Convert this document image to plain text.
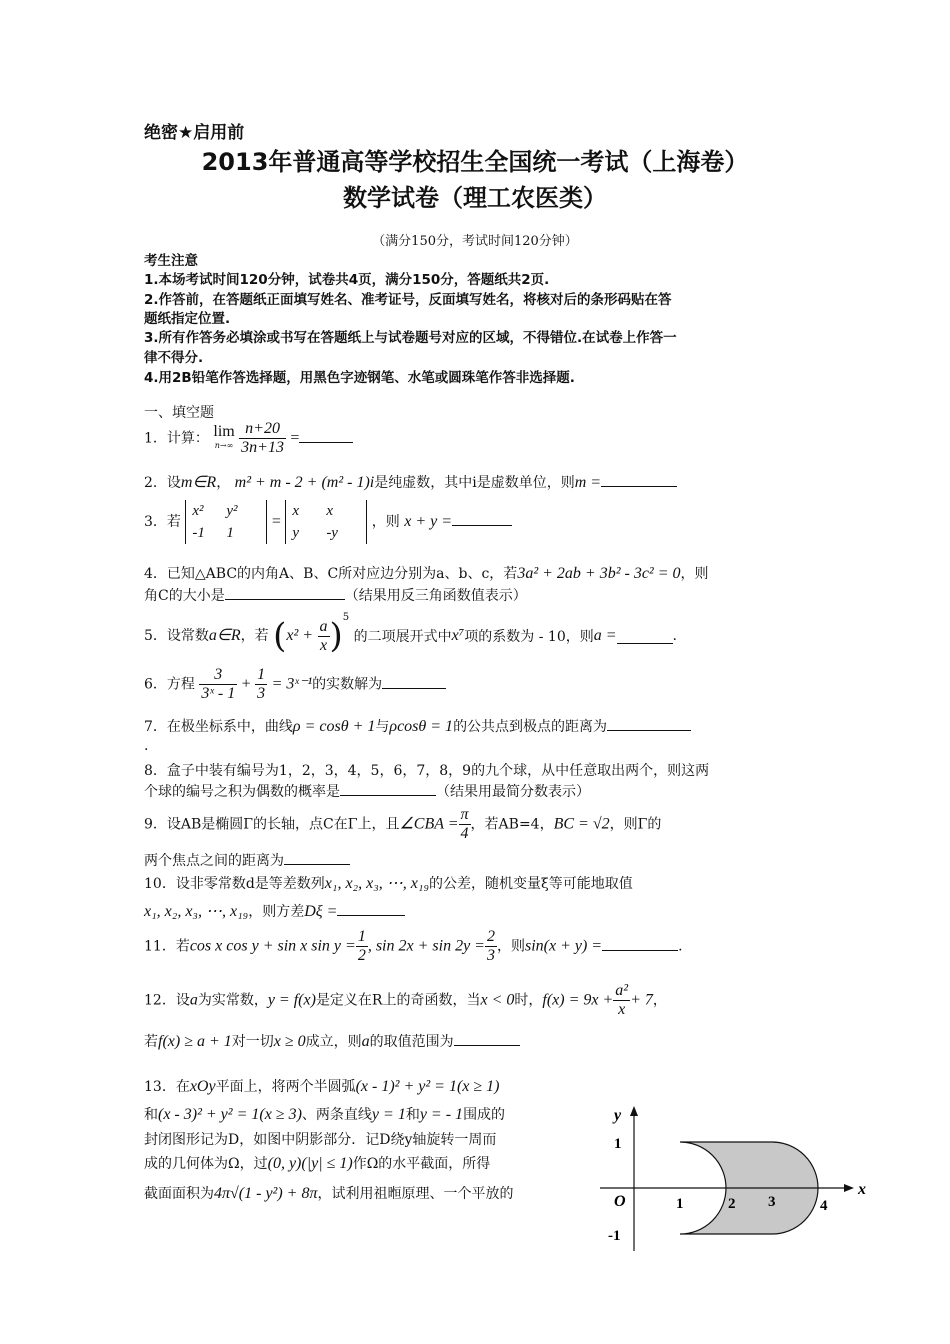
绝密★启用前
2013年普通高等学校招生全国统一考试（上海卷）
数学试卷（理工农医类）
（满分150分，考试时间120分钟）
考生注意
1.本场考试时间120分钟，试卷共4页，满分150分，答题纸共2页.
2.作答前，在答题纸正面填写姓名、准考证号，反面填写姓名，将核对后的条形码贴在答
题纸指定位置.
3.所有作答务必填涂或书写在答题纸上与试卷题号对应的区域，不得错位.在试卷上作答一
律不得分.
4.用2B铅笔作答选择题，用黑色字迹钢笔、水笔或圆珠笔作答非选择题.
一、填空题
1．计算： lim
n→∞
$\frac{n+20}{3n+13}$ =
2．设m∈R， m² + m - 2 + (m² - 1)i是纯虚数，其中i是虚数单位，则m =
3．若 x² y²
-1 1 = x x
y -y ，则 x + y =
4．已知△ABC的内角A、B、C所对应边分别为a、b、c，若3a² + 2ab + 3b² - 3c² = 0，则
角C的大小是	（结果用反三角函数值表示）
5．设常数a∈R，若 $(x^2 + \frac{a}{x} )^5$ 的二项展开式中x⁷项的系数为 - 10，则a =	.
6．方程 $\frac{3}{\text{3ˣ - 1}} + \frac{1}{3}$ = 3ˣ⁻¹的实数解为
7．在极坐标系中，曲线ρ = cosθ + 1与ρcosθ = 1的公共点到极点的距离为
.
8．盒子中装有编号为1，2，3，4，5，6，7，8，9的九个球，从中任意取出两个，则这两
个球的编号之积为偶数的概率是	（结果用最简分数表示）
9．设AB是椭圆Γ的长轴，点C在Γ上，且∠CBA = $\frac{\pi}{4}$ ，若AB=4，BC = √2，则Γ的
两个焦点之间的距离为
10．设非零常数d是等差数列x₁, x₂, x₃, ⋯, x₁₉的公差，随机变量ξ等可能地取值
x₁, x₂, x₃, ⋯, x₁₉，则方差Dξ =
11．若cos x cos y + sin x $\sin y = \frac{1}{2}$ , $\sin 2x + \sin 2y = \frac{2}{3}$ ，则sin(x + y) =	.
12．设a为实常数，y = f(x)是定义在R上的奇函数，当x < 0时，$f(x) = 9x + \frac{\text{a²}}{x} + 7$，
若f(x) ≥ a + 1对一切x ≥ 0成立，则a的取值范围为
13．在xOy平面上，将两个半圆弧(x - 1)² + y² = 1(x ≥ 1)
和(x - 3)² + y² = 1(x ≥ 3)、两条直线y = 1和y = - 1围成的
封闭图形记为D，如图中阴影部分．记D绕y轴旋转一周而
成的几何体为Ω，过(0, y)(|y| ≤ 1)作Ω的水平截面，所得
截面面积为4π√(1 - y²) + 8π，试利用祖暅原理、一个平放的	x
y
O	1	2 3	4
1
-1
